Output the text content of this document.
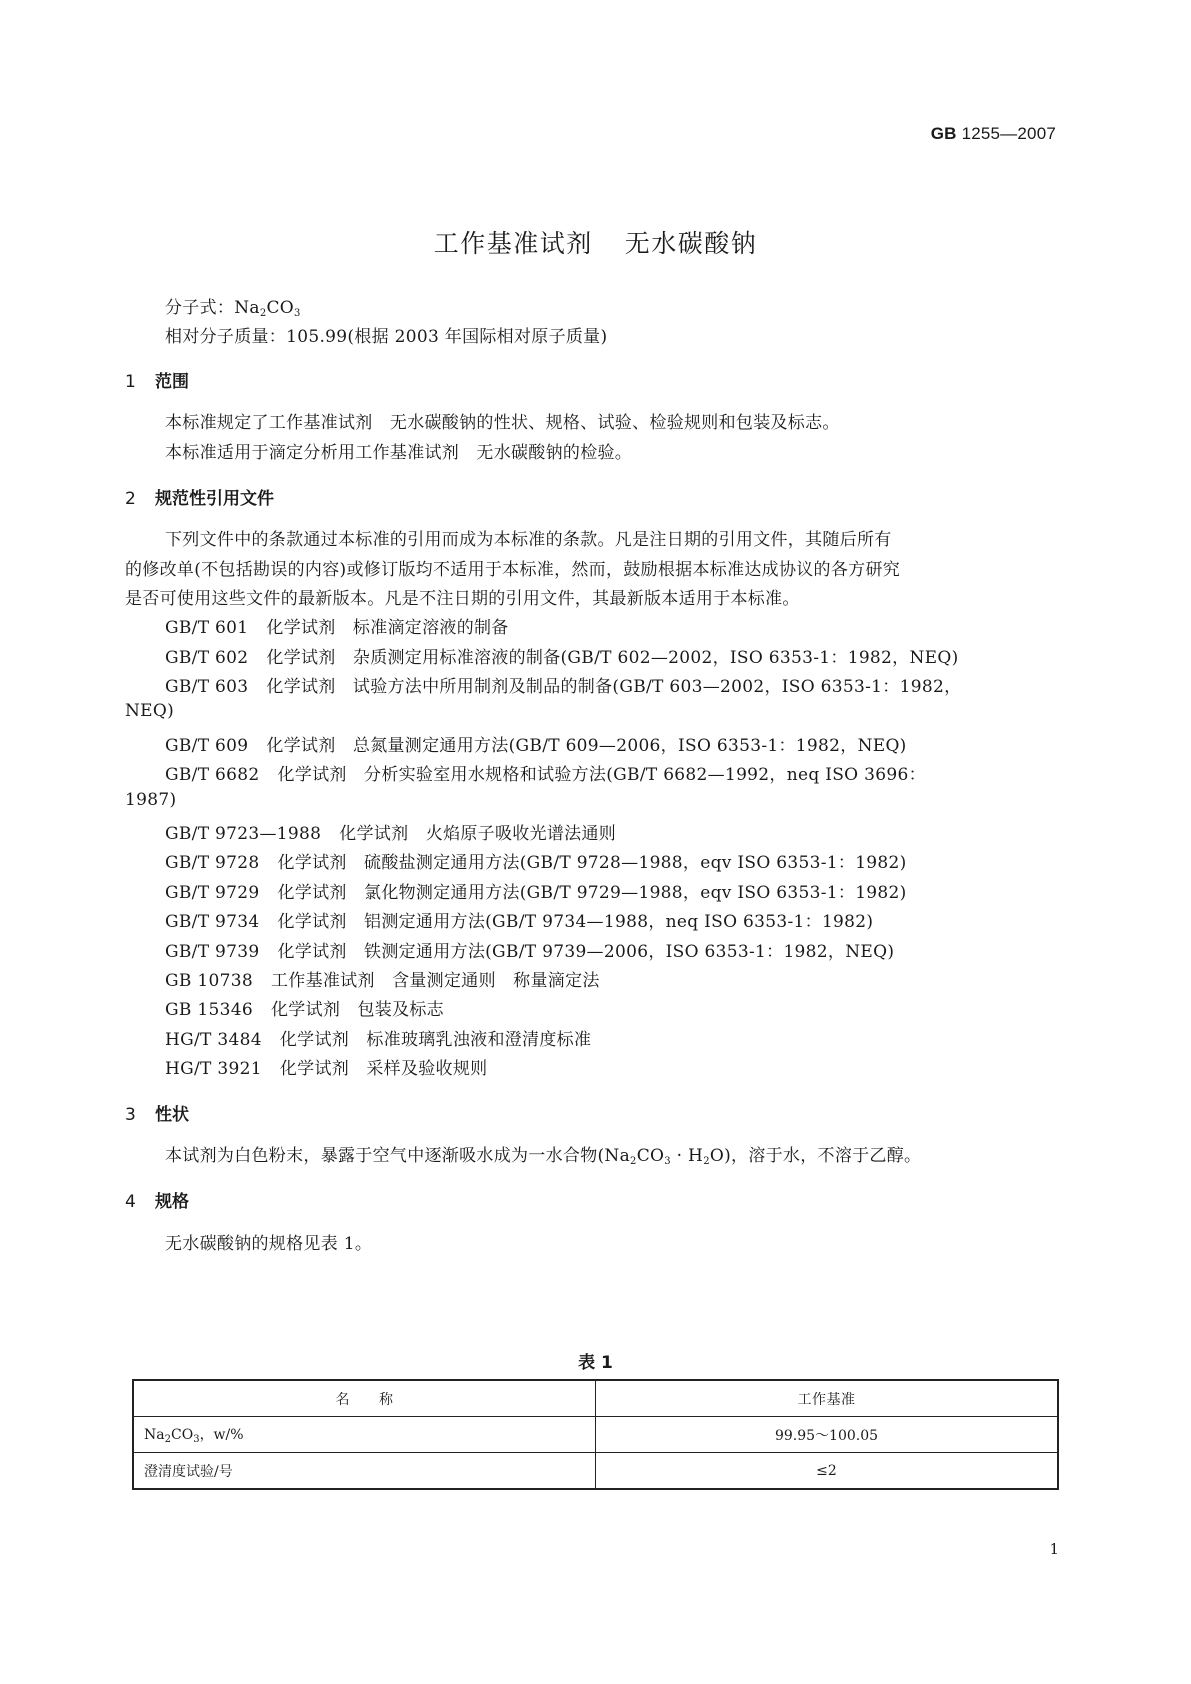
GB 1255—2007
工作基准试剂 无水碳酸钠
分子式：$Na_2CO_3$
相对分子质量：105.99(根据 2003 年国际相对原子质量)
1 范围
本标准规定了工作基准试剂　无水碳酸钠的性状、规格、试验、检验规则和包装及标志。
本标准适用于滴定分析用工作基准试剂　无水碳酸钠的检验。
2 规范性引用文件
下列文件中的条款通过本标准的引用而成为本标准的条款。凡是注日期的引用文件，其随后所有
的修改单(不包括勘误的内容)或修订版均不适用于本标准，然而，鼓励根据本标准达成协议的各方研究
是否可使用这些文件的最新版本。凡是不注日期的引用文件，其最新版本适用于本标准。
GB/T 601 化学试剂　标准滴定溶液的制备
GB/T 602 化学试剂　杂质测定用标准溶液的制备(GB/T 602—2002，ISO 6353-1：1982，NEQ)
GB/T 603 化学试剂　试验方法中所用制剂及制品的制备(GB/T 603—2002，ISO 6353-1：1982，
NEQ)
GB/T 609 化学试剂　总氮量测定通用方法(GB/T 609—2006，ISO 6353-1：1982，NEQ)
GB/T 6682 化学试剂　分析实验室用水规格和试验方法(GB/T 6682—1992，neq ISO 3696：
1987)
GB/T 9723—1988 化学试剂　火焰原子吸收光谱法通则
GB/T 9728 化学试剂　硫酸盐测定通用方法(GB/T 9728—1988，eqv ISO 6353-1：1982)
GB/T 9729 化学试剂　氯化物测定通用方法(GB/T 9729—1988，eqv ISO 6353-1：1982)
GB/T 9734 化学试剂　铝测定通用方法(GB/T 9734—1988，neq ISO 6353-1：1982)
GB/T 9739 化学试剂　铁测定通用方法(GB/T 9739—2006，ISO 6353-1：1982，NEQ)
GB 10738 工作基准试剂　含量测定通则　称量滴定法
GB 15346 化学试剂　包装及标志
HG/T 3484 化学试剂　标准玻璃乳浊液和澄清度标准
HG/T 3921 化学试剂　采样及验收规则
3 性状
本试剂为白色粉末，暴露于空气中逐渐吸水成为一水合物$(Na_2CO_3 \cdot H_2O)$，溶于水，不溶于乙醇。
4 规格
无水碳酸钠的规格见表 1。
表 1
名　　称	工作基准
$Na_2CO_3$，w/%	99.95～100.05
澄清度试验/号	≤2
1
